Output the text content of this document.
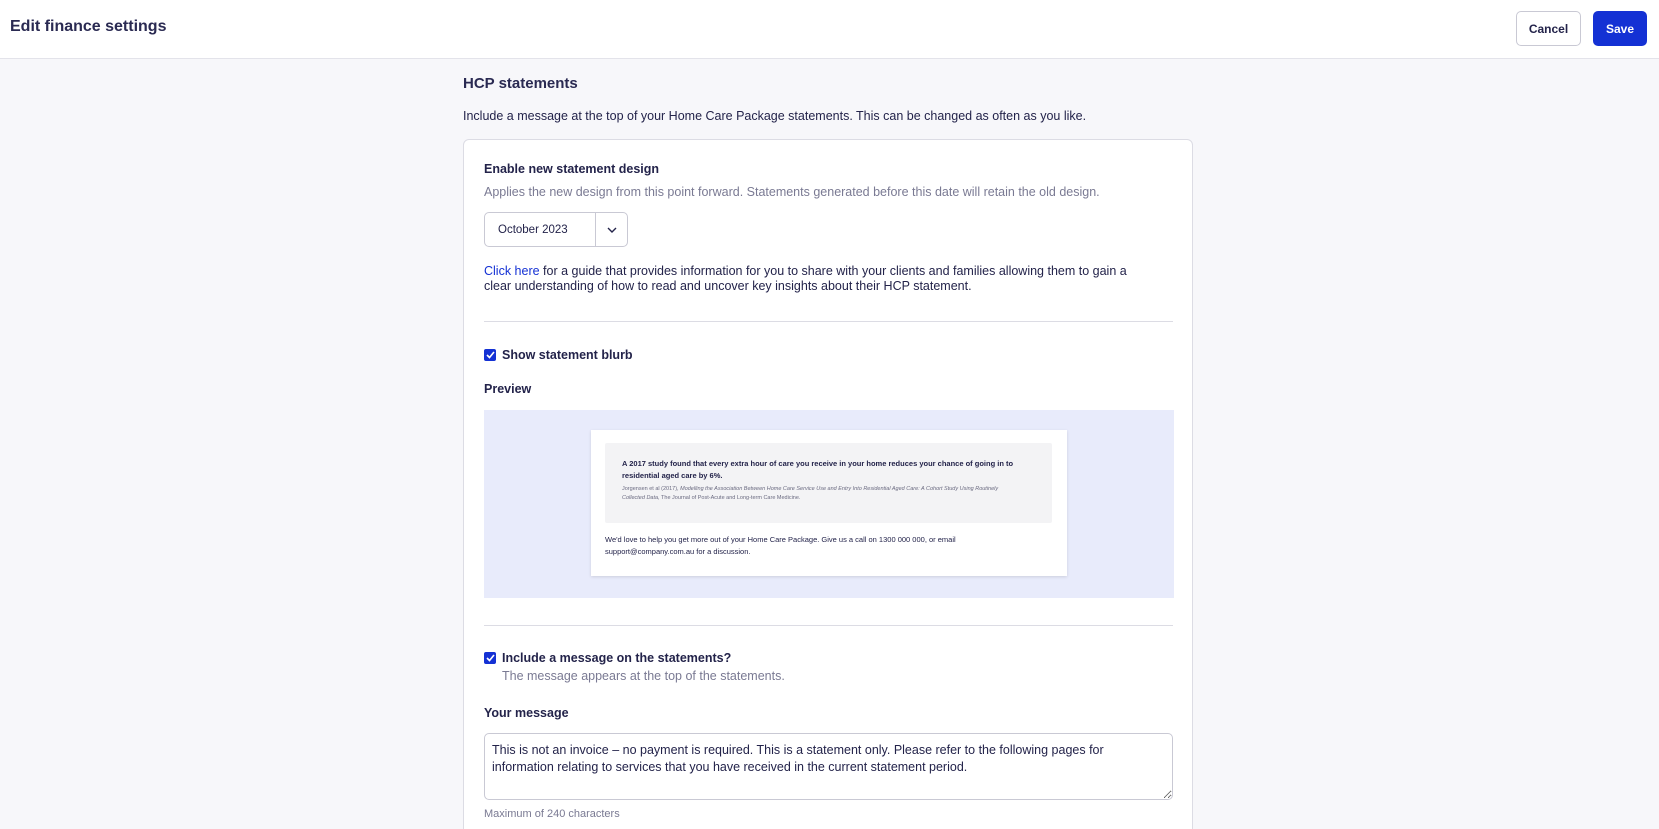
Edit finance settings	Cancel	Save
HCP statements
Include a message at the top of your Home Care Package statements. This can be changed as often as you like.
Enable new statement design
Applies the new design from this point forward. Statements generated before this date will retain the old design.
October 2023
Click here for a guide that provides information for you to share with your clients and families allowing them to gain a clear understanding of how to read and uncover key insights about their HCP statement.
Show statement blurb
Preview
A 2017 study found that every extra hour of care you receive in your home reduces your chance of going in to residential aged care by 6%.
Jorgensen et al (2017), Modelling the Association Between Home Care Service Use and Entry Into Residential Aged Care: A Cohort Study Using Routinely Collected Data, The Journal of Post-Acute and Long-term Care Medicine.
We'd love to help you get more out of your Home Care Package. Give us a call on 1300 000 000, or email support@company.com.au for a discussion.
Include a message on the statements?
The message appears at the top of the statements.
Your message
This is not an invoice – no payment is required. This is a statement only. Please refer to the following pages for information relating to services that you have received in the current statement period.
Maximum of 240 characters
